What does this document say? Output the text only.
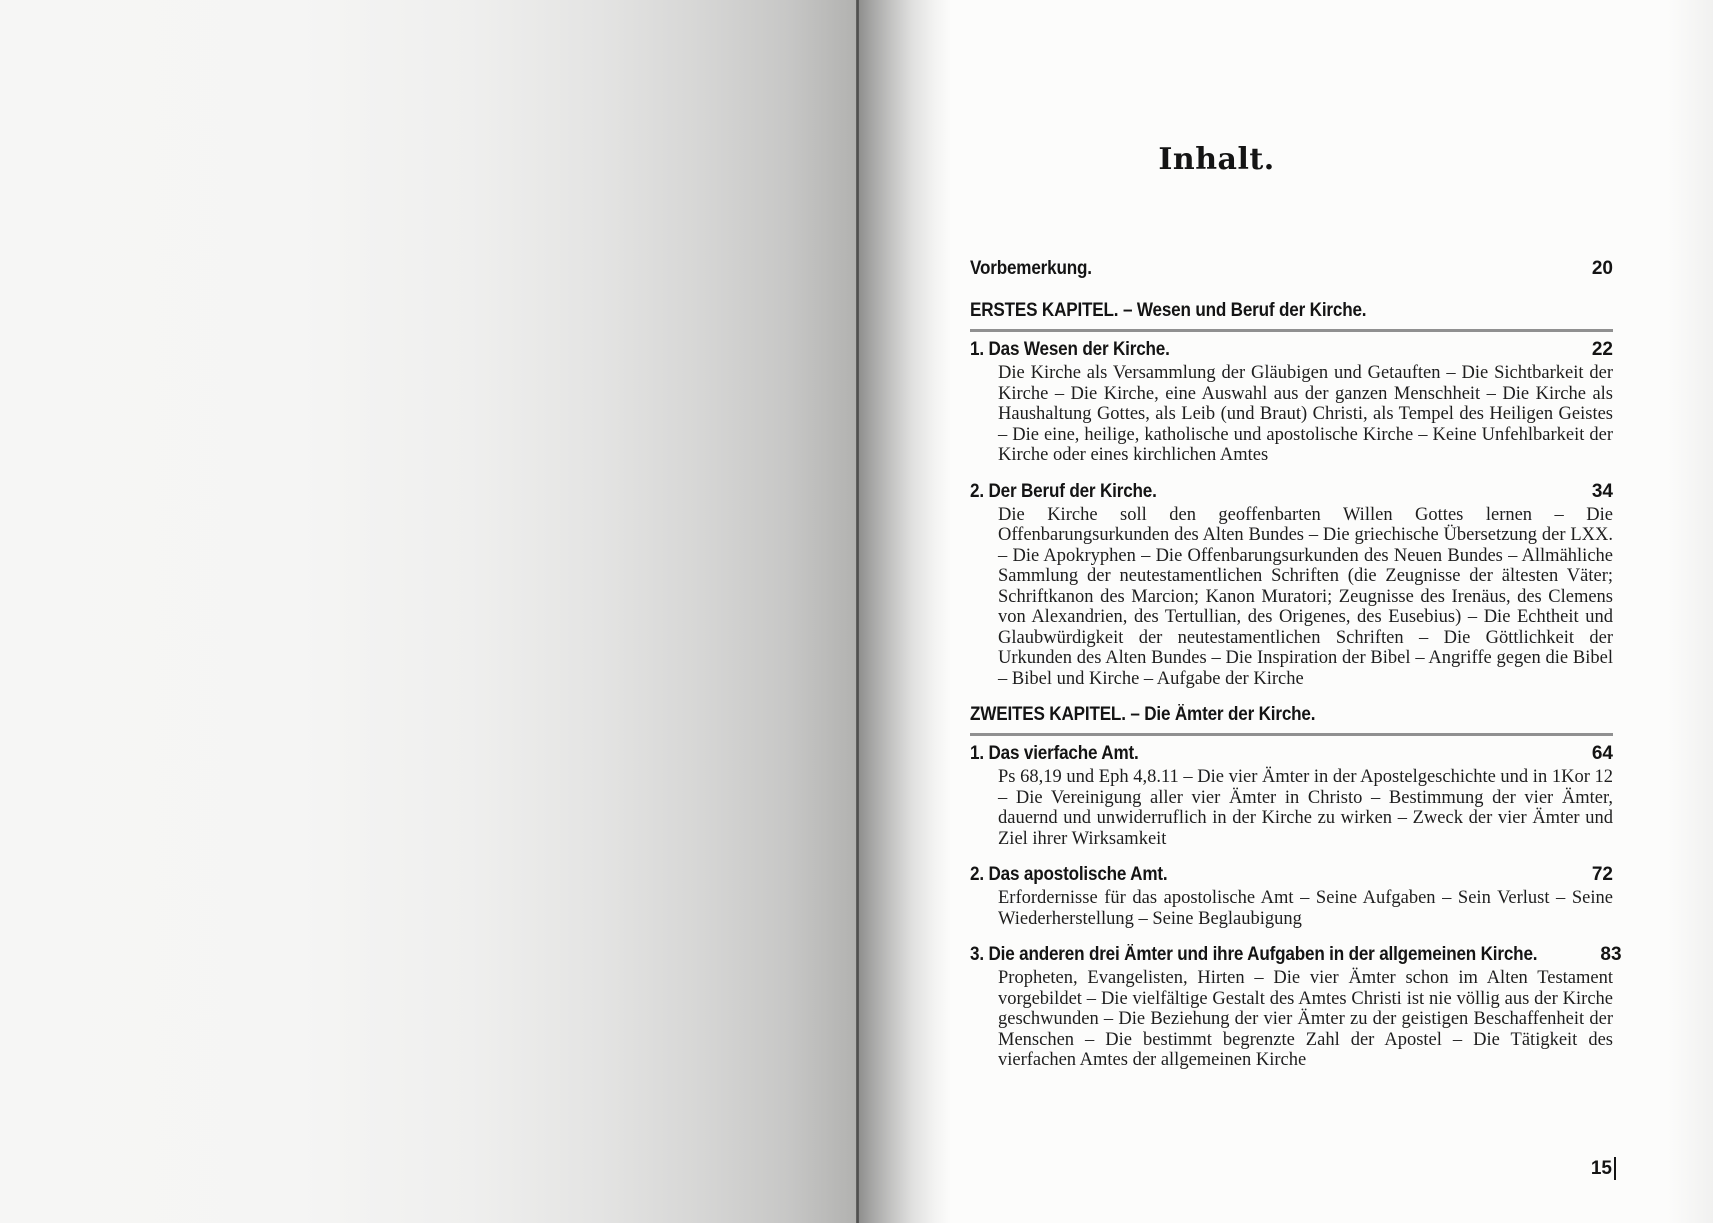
Inhalt.
Vorbemerkung.	20
ERSTES KAPITEL. – Wesen und Beruf der Kirche.
1. Das Wesen der Kirche.	22

Die Kirche als Versammlung der Gläubigen und Getauften – Die Sichtbarkeit der Kirche – Die Kirche, eine Auswahl aus der ganzen Menschheit – Die Kirche als Haushaltung Gottes, als Leib (und Braut) Christi, als Tempel des Heiligen Geistes – Die eine, heilige, katholische und apostolische Kirche – Keine Unfehlbarkeit der Kirche oder eines kirchlichen Amtes

2. Der Beruf der Kirche.	34

Die Kirche soll den geoffenbarten Willen Gottes lernen – Die Offenbarungsurkunden des Alten Bundes – Die griechische Übersetzung der LXX. – Die Apokryphen – Die Offenbarungsurkunden des Neuen Bundes – Allmähliche Sammlung der neutestamentlichen Schriften (die Zeugnisse der ältesten Väter; Schriftkanon des Marcion; Kanon Muratori; Zeugnisse des Irenäus, des Clemens von Alexandrien, des Tertullian, des Origenes, des Eusebius) – Die Echtheit und Glaubwürdigkeit der neutestamentlichen Schriften – Die Göttlichkeit der Urkunden des Alten Bundes – Die Inspiration der Bibel – Angriffe gegen die Bibel – Bibel und Kirche – Aufgabe der Kirche

ZWEITES KAPITEL. – Die Ämter der Kirche.
1. Das vierfache Amt.	64

Ps 68,19 und Eph 4,8.11 – Die vier Ämter in der Apostelgeschichte und in 1Kor 12 – Die Vereinigung aller vier Ämter in Christo – Bestimmung der vier Ämter, dauernd und unwiderruflich in der Kirche zu wirken – Zweck der vier Ämter und Ziel ihrer Wirksamkeit

2. Das apostolische Amt.	72

Erfordernisse für das apostolische Amt – Seine Aufgaben – Sein Verlust – Seine Wiederherstellung – Seine Beglaubigung

3. Die anderen drei Ämter und ihre Aufgaben in der allgemeinen Kirche.	83

Propheten, Evangelisten, Hirten – Die vier Ämter schon im Alten Testament vorgebildet – Die vielfältige Gestalt des Amtes Christi ist nie völlig aus der Kirche geschwunden – Die Beziehung der vier Ämter zu der geistigen Beschaffenheit der Menschen – Die bestimmt begrenzte Zahl der Apostel – Die Tätigkeit des vierfachen Amtes der allgemeinen Kirche

15
